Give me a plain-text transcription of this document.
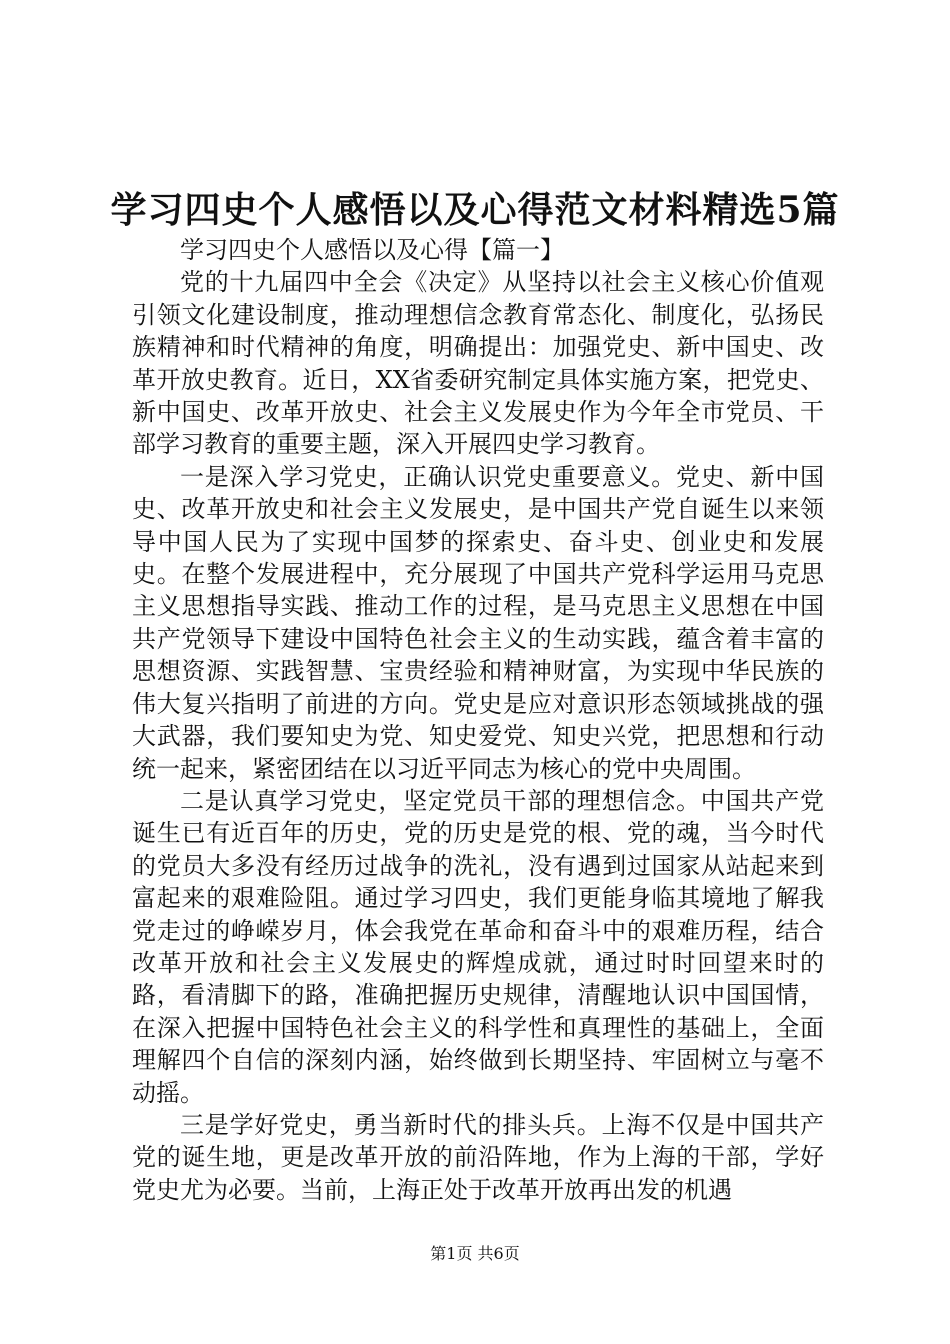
学习四史个人感悟以及心得范文材料精选5篇

学习四史个人感悟以及心得【篇一】

党的十九届四中全会《决定》从坚持以社会主义核心价值观引领文化建设制度，推动理想信念教育常态化、制度化，弘扬民族精神和时代精神的角度，明确提出：加强党史、新中国史、改革开放史教育。近日，XX省委研究制定具体实施方案，把党史、新中国史、改革开放史、社会主义发展史作为今年全市党员、干部学习教育的重要主题，深入开展四史学习教育。

一是深入学习党史，正确认识党史重要意义。党史、新中国史、改革开放史和社会主义发展史，是中国共产党自诞生以来领导中国人民为了实现中国梦的探索史、奋斗史、创业史和发展史。在整个发展进程中，充分展现了中国共产党科学运用马克思主义思想指导实践、推动工作的过程，是马克思主义思想在中国共产党领导下建设中国特色社会主义的生动实践，蕴含着丰富的思想资源、实践智慧、宝贵经验和精神财富，为实现中华民族的伟大复兴指明了前进的方向。党史是应对意识形态领域挑战的强大武器，我们要知史为党、知史爱党、知史兴党，把思想和行动统一起来，紧密团结在以习近平同志为核心的党中央周围。

二是认真学习党史，坚定党员干部的理想信念。中国共产党诞生已有近百年的历史，党的历史是党的根、党的魂，当今时代的党员大多没有经历过战争的洗礼，没有遇到过国家从站起来到富起来的艰难险阻。通过学习四史，我们更能身临其境地了解我党走过的峥嵘岁月，体会我党在革命和奋斗中的艰难历程，结合改革开放和社会主义发展史的辉煌成就，通过时时回望来时的路，看清脚下的路，准确把握历史规律，清醒地认识中国国情，在深入把握中国特色社会主义的科学性和真理性的基础上，全面理解四个自信的深刻内涵，始终做到长期坚持、牢固树立与毫不动摇。

三是学好党史，勇当新时代的排头兵。上海不仅是中国共产党的诞生地，更是改革开放的前沿阵地，作为上海的干部，学好党史尤为必要。当前，上海正处于改革开放再出发的机遇

第1页 共6页
